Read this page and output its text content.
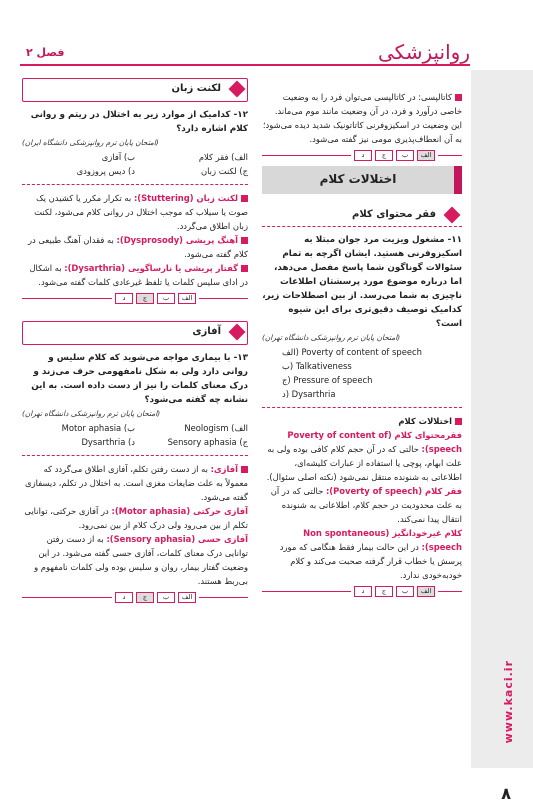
روانپزشکی
فصل ۲
www.kaci.ir
۸
کاتالپسی: در کاتالپسی می‌توان فرد را به وضعیت خاصی درآورد و فرد، در آن وضعیت مانند موم می‌ماند. این وضعیت در اسکیزوفرنی کاتاتونیک شدید دیده می‌شود؛ به آن انعطاف‌پذیری مومی نیز گفته می‌شود.
الف
ب
ج
د
اختلالات کلام
فقر محتوای کلام
۱۱- مشغول ویزیت مرد جوان مبتلا به اسکیزوفرنی هستید. ایشان اگرچه به تمام سئوالات گوناگون شما پاسخ مفصل می‌دهد، اما درباره موضوع مورد پرسشتان اطلاعات ناچیزی به شما می‌رسد. از بین اصطلاحات زیر، کدامیک توصیف دقیق‌تری برای این شیوه است؟
(امتحان پایان ترم روانپزشکی دانشگاه تهران)
الف) Poverty of content of speech
ب) Talkativeness
ج) Pressure of speech
د) Dysarthria
اختلالات کلام
فقرمحتوای کلام (Poverty of content of speech): حالتی که در آن حجم کلام کافی بوده ولی به علت ابهام، پوچی یا استفاده از عبارات کلیشه‌ای، اطلاعاتی به شنونده منتقل نمی‌شود (نکته اصلی سئوال).
فقر کلام (Poverty of speech): حالتی که در آن به علت محدودیت در حجم کلام، اطلاعاتی به شنونده انتقال پیدا نمی‌کند.
کلام غیرخودانگیز (Non spontaneous speech): در این حالت بیمار فقط هنگامی که مورد پرسش یا خطاب قرار گرفته صحبت می‌کند و کلام خودبه‌خودی ندارد.
الف
ب
ج
د
لکنت زبان
۱۲- کدامیک از موارد زیر به اختلال در ریتم و روانی کلام اشاره دارد؟
(امتحان پایان ترم روانپزشکی دانشگاه ایران)
الف) فقر کلام
ب) آفازی
ج) لکنت زبان
د) دیس پروزودی
لکنت زبان (Stuttering): به تکرار مکرر یا کشیدن یک صوت یا سیلاب که موجب اختلال در روانی کلام می‌شود، لکنت زبان اطلاق می‌گردد.
آهنگ پریشی (Dysprosody): به فقدان آهنگ طبیعی در کلام گفته می‌شود.
گفتار پریشی یا نارساگویی (Dysarthria): به اشکال در ادای سلیس کلمات یا تلفظ غیرعادی کلمات گفته می‌شود.
الف
ب
ج
د
آفازی
۱۳- با بیماری مواجه می‌شوید که کلام سلیس و روانی دارد ولی به شکل نامفهومی حرف می‌زند و درک معنای کلمات را نیز از دست داده است. به این نشانه چه گفته می‌شود؟
(امتحان پایان ترم روانپزشکی دانشگاه تهران)
الف) Neologism
ب) Motor aphasia
ج) Sensory aphasia
د) Dysarthria
آفازی: به از دست رفتن تکلم، آفازی اطلاق می‌گردد که معمولاً به علت ضایعات مغزی است. به اختلال در تکلم، دیسفازی گفته می‌شود.
آفازی حرکتی (Motor aphasia): در آفازی حرکتی، توانایی تکلم از بین می‌رود ولی درک کلام از بین نمی‌رود.
آفازی حسی (Sensory aphasia): به از دست رفتن توانایی درک معنای کلمات، آفازی حسی گفته می‌شود. در این وضعیت گفتار بیمار، روان و سلیس بوده ولی کلمات نامفهوم و بی‌ربط هستند.
الف
ب
ج
د
